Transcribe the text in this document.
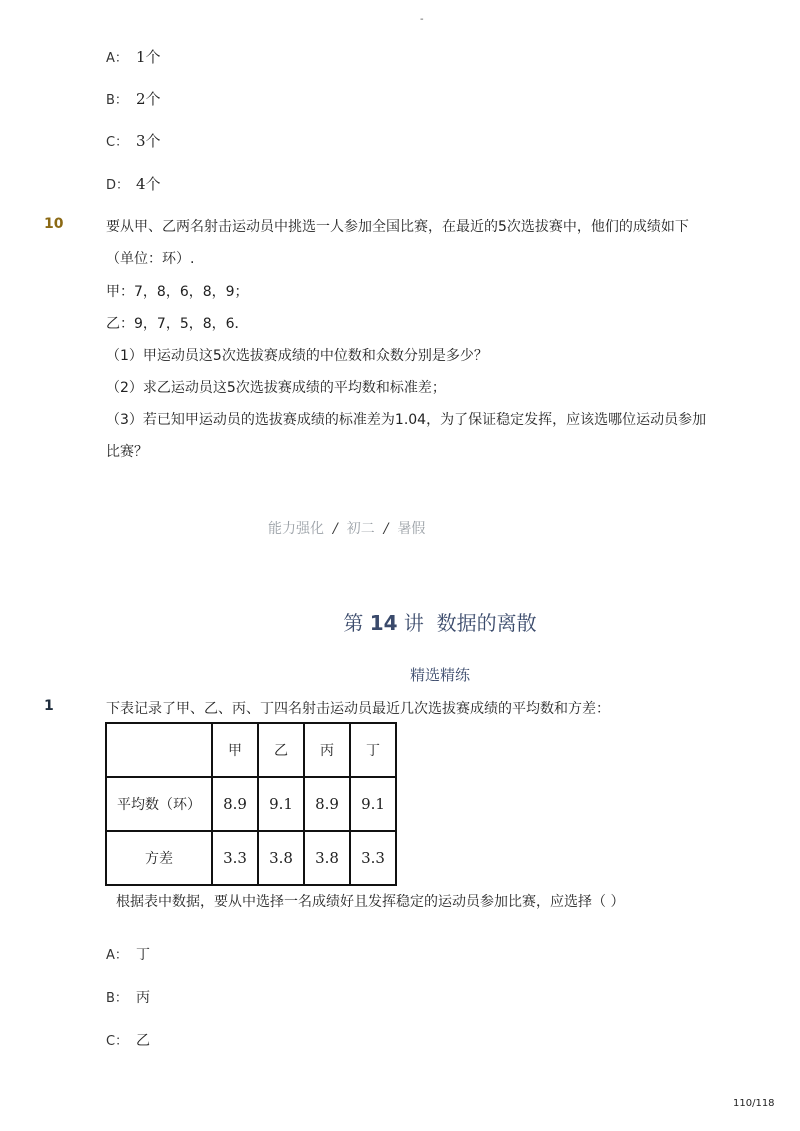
-
A： 1个
B： 2个
C： 3个
D： 4个
10	要从甲、乙两名射击运动员中挑选一人参加全国比赛，在最近的5次选拔赛中，他们的成绩如下
（单位：环）.
甲：7，8，6，8，9；
乙：9，7，5，8，6．
（1）甲运动员这5次选拔赛成绩的中位数和众数分别是多少？
（2）求乙运动员这5次选拔赛成绩的平均数和标准差；
（3）若已知甲运动员的选拔赛成绩的标准差为1.04，为了保证稳定发挥，应该选哪位运动员参加
比赛？
能力强化 / 初二 / 暑假
第 14 讲 数据的离散
精选精练
1	下表记录了甲、乙、丙、丁四名射击运动员最近几次选拔赛成绩的平均数和方差：
	甲	乙	丙	丁
平均数（环）	8.9	9.1	8.9	9.1
方差	3.3	3.8	3.8	3.3
根据表中数据，要从中选择一名成绩好且发挥稳定的运动员参加比赛，应选择（ ）
A： 丁
B： 丙
C： 乙
110/118
